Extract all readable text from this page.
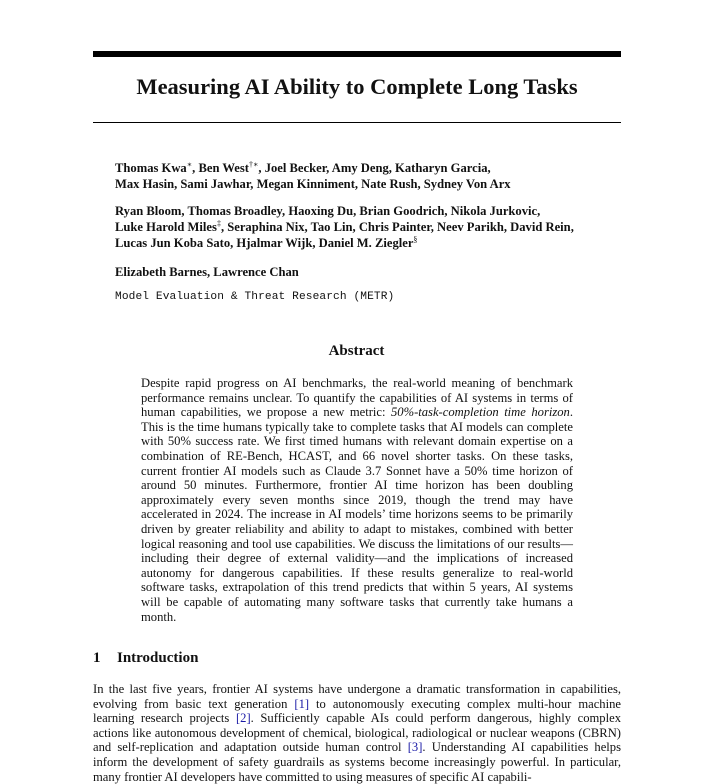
Measuring AI Ability to Complete Long Tasks
Thomas Kwa∗, Ben West†∗, Joel Becker, Amy Deng, Katharyn Garcia,
Max Hasin, Sami Jawhar, Megan Kinniment, Nate Rush, Sydney Von Arx
Ryan Bloom, Thomas Broadley, Haoxing Du, Brian Goodrich, Nikola Jurkovic,
Luke Harold Miles‡, Seraphina Nix, Tao Lin, Chris Painter, Neev Parikh, David Rein,
Lucas Jun Koba Sato, Hjalmar Wijk, Daniel M. Ziegler§
Elizabeth Barnes, Lawrence Chan
Model Evaluation & Threat Research (METR)
Abstract
Despite rapid progress on AI benchmarks, the real-world meaning of benchmark performance remains unclear. To quantify the capabilities of AI systems in terms of human capabilities, we propose a new metric: 50%-task-completion time horizon. This is the time humans typically take to complete tasks that AI models can complete with 50% success rate. We first timed humans with relevant domain expertise on a combination of RE-Bench, HCAST, and 66 novel shorter tasks. On these tasks, current frontier AI models such as Claude 3.7 Sonnet have a 50% time horizon of around 50 minutes. Furthermore, frontier AI time horizon has been doubling approximately every seven months since 2019, though the trend may have accelerated in 2024. The increase in AI models’ time horizons seems to be primarily driven by greater reliability and ability to adapt to mistakes, combined with better logical reasoning and tool use capabilities. We discuss the limitations of our results—including their degree of external validity—and the implications of increased autonomy for dangerous capabilities. If these results generalize to real-world software tasks, extrapolation of this trend predicts that within 5 years, AI systems will be capable of automating many software tasks that currently take humans a month.
1 Introduction
In the last five years, frontier AI systems have undergone a dramatic transformation in capabilities, evolving from basic text generation [1] to autonomously executing complex multi-hour machine learning research projects [2]. Sufficiently capable AIs could perform dangerous, highly complex actions like autonomous development of chemical, biological, radiological or nuclear weapons (CBRN) and self-replication and adaptation outside human control [3]. Understanding AI capabilities helps inform the development of safety guardrails as systems become increasingly powerful. In particular, many frontier AI developers have committed to using measures of specific AI capabili-
